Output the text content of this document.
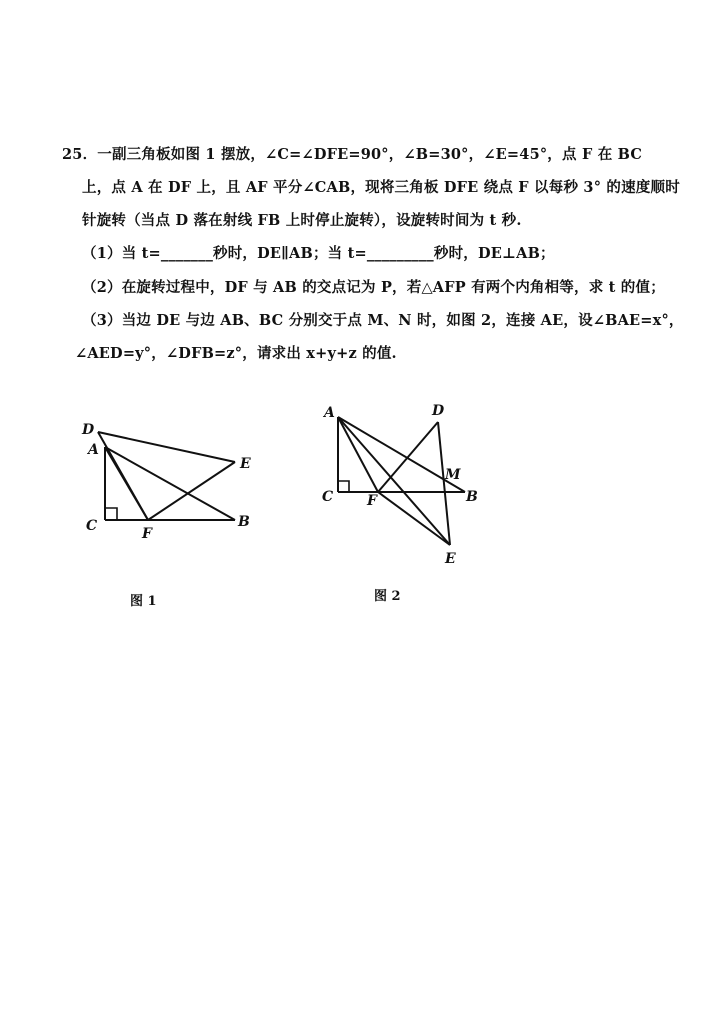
25．一副三角板如图 1 摆放，∠C=∠DFE=90°，∠B=30°，∠E=45°，点 F 在 BC
上，点 A 在 DF 上，且 AF 平分∠CAB，现将三角板 DFE 绕点 F 以每秒 3° 的速度顺时
针旋转（当点 D 落在射线 FB 上时停止旋转），设旋转时间为 t 秒.
（1）当 t=_______秒时，DE∥AB；当 t=_________秒时，DE⊥AB；
（2）在旋转过程中，DF 与 AB 的交点记为 P，若△AFP 有两个内角相等，求 t 的值；
（3）当边 DE 与边 AB、BC 分别交于点 M、N 时，如图 2，连接 AE，设∠BAE=x°，
∠AED=y°，∠DFB=z°，请求出 x+y+z 的值.
D
A
E
C	F
B
图 1
A	D
M
C F	B
E
图 2
